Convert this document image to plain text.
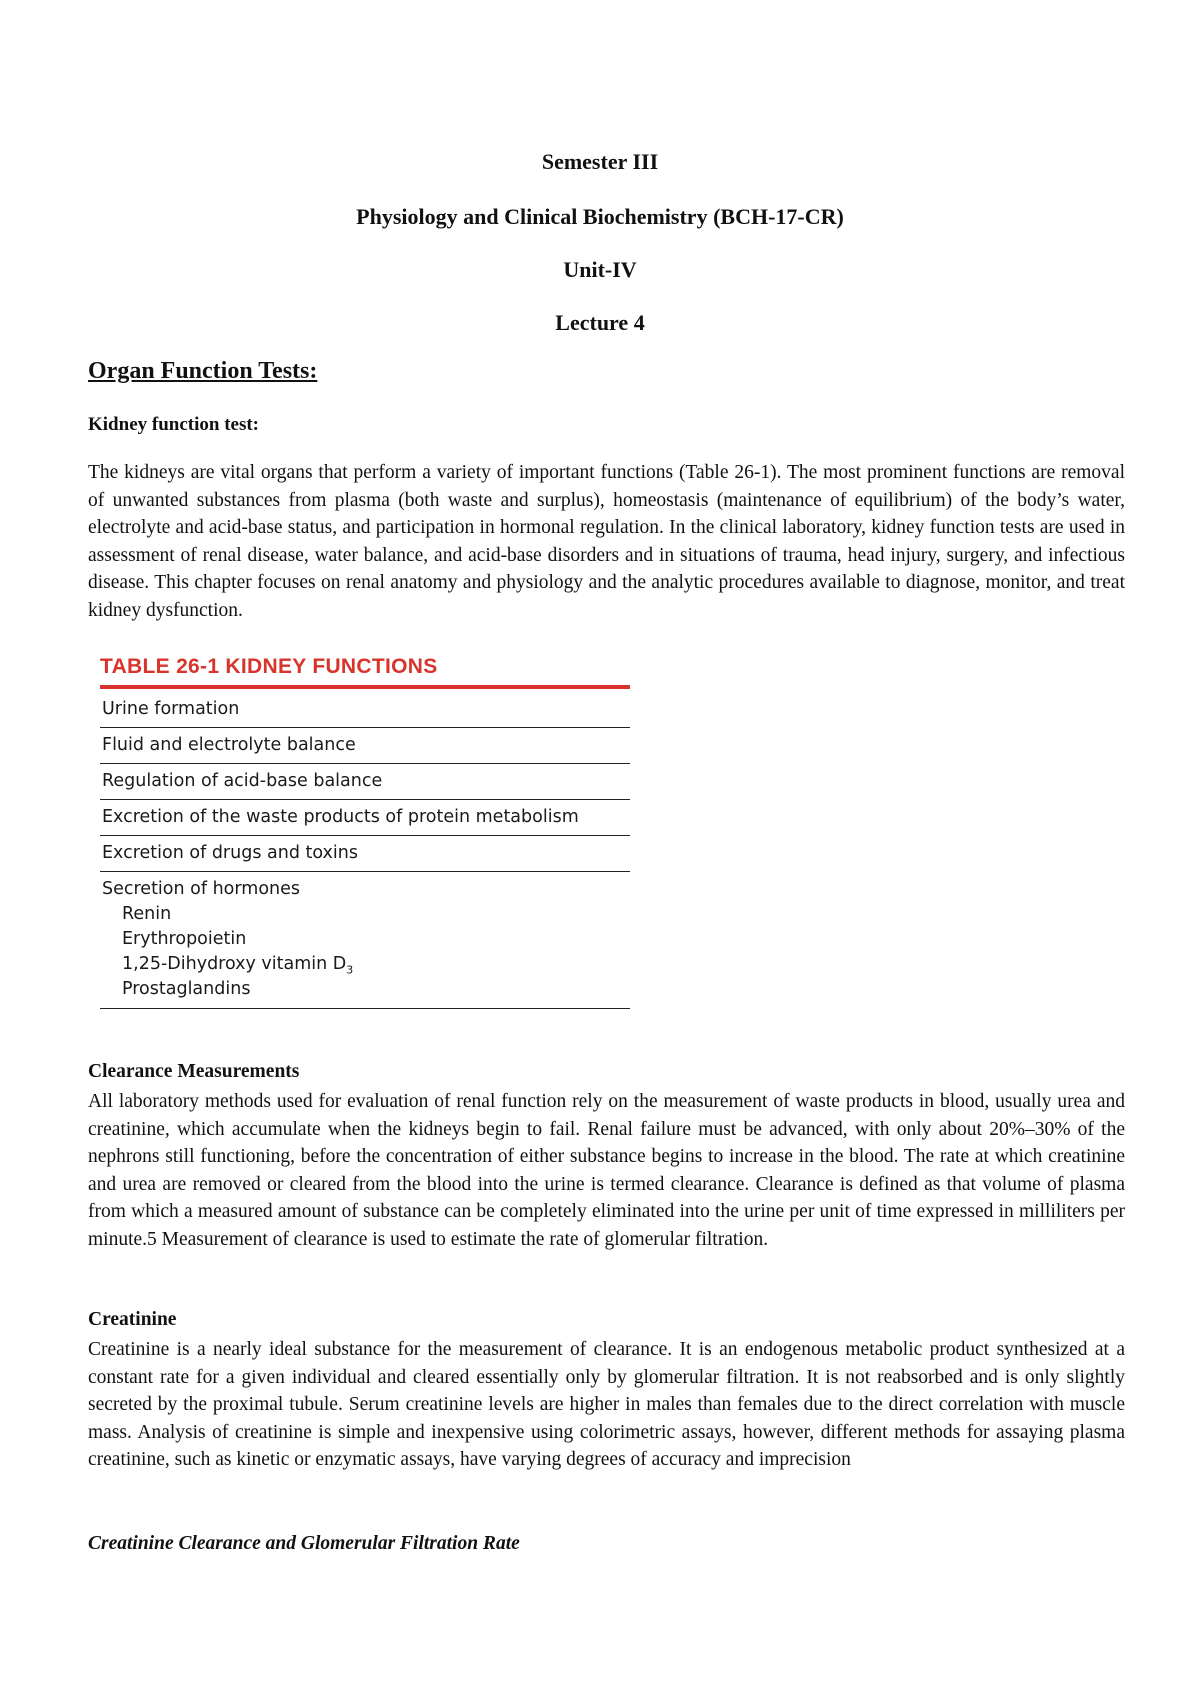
Semester III

Physiology and Clinical Biochemistry (BCH-17-CR)

Unit-IV

Lecture 4

Organ Function Tests:

Kidney function test:

The kidneys are vital organs that perform a variety of important functions (Table 26-1). The most prominent functions are removal of unwanted substances from plasma (both waste and surplus), homeostasis (maintenance of equilibrium) of the body’s water, electrolyte and acid-base status, and participation in hormonal regulation. In the clinical laboratory, kidney function tests are used in assessment of renal disease, water balance, and acid-base disorders and in situations of trauma, head injury, surgery, and infectious disease. This chapter focuses on renal anatomy and physiology and the analytic procedures available to diagnose, monitor, and treat kidney dysfunction.

TABLE 26-1 KIDNEY FUNCTIONS
Urine formation
Fluid and electrolyte balance
Regulation of acid-base balance
Excretion of the waste products of protein metabolism
Excretion of drugs and toxins
Secretion of hormones
Renin
Erythropoietin
1,25-Dihydroxy vitamin $D_3$
Prostaglandins

Clearance Measurements

All laboratory methods used for evaluation of renal function rely on the measurement of waste products in blood, usually urea and creatinine, which accumulate when the kidneys begin to fail. Renal failure must be advanced, with only about 20%–30% of the nephrons still functioning, before the concentration of either substance begins to increase in the blood. The rate at which creatinine and urea are removed or cleared from the blood into the urine is termed clearance. Clearance is defined as that volume of plasma from which a measured amount of substance can be completely eliminated into the urine per unit of time expressed in milliliters per minute.5 Measurement of clearance is used to estimate the rate of glomerular filtration.

Creatinine

Creatinine is a nearly ideal substance for the measurement of clearance. It is an endogenous metabolic product synthesized at a constant rate for a given individual and cleared essentially only by glomerular filtration. It is not reabsorbed and is only slightly secreted by the proximal tubule. Serum creatinine levels are higher in males than females due to the direct correlation with muscle mass. Analysis of creatinine is simple and inexpensive using colorimetric assays, however, different methods for assaying plasma creatinine, such as kinetic or enzymatic assays, have varying degrees of accuracy and imprecision

Creatinine Clearance and Glomerular Filtration Rate
